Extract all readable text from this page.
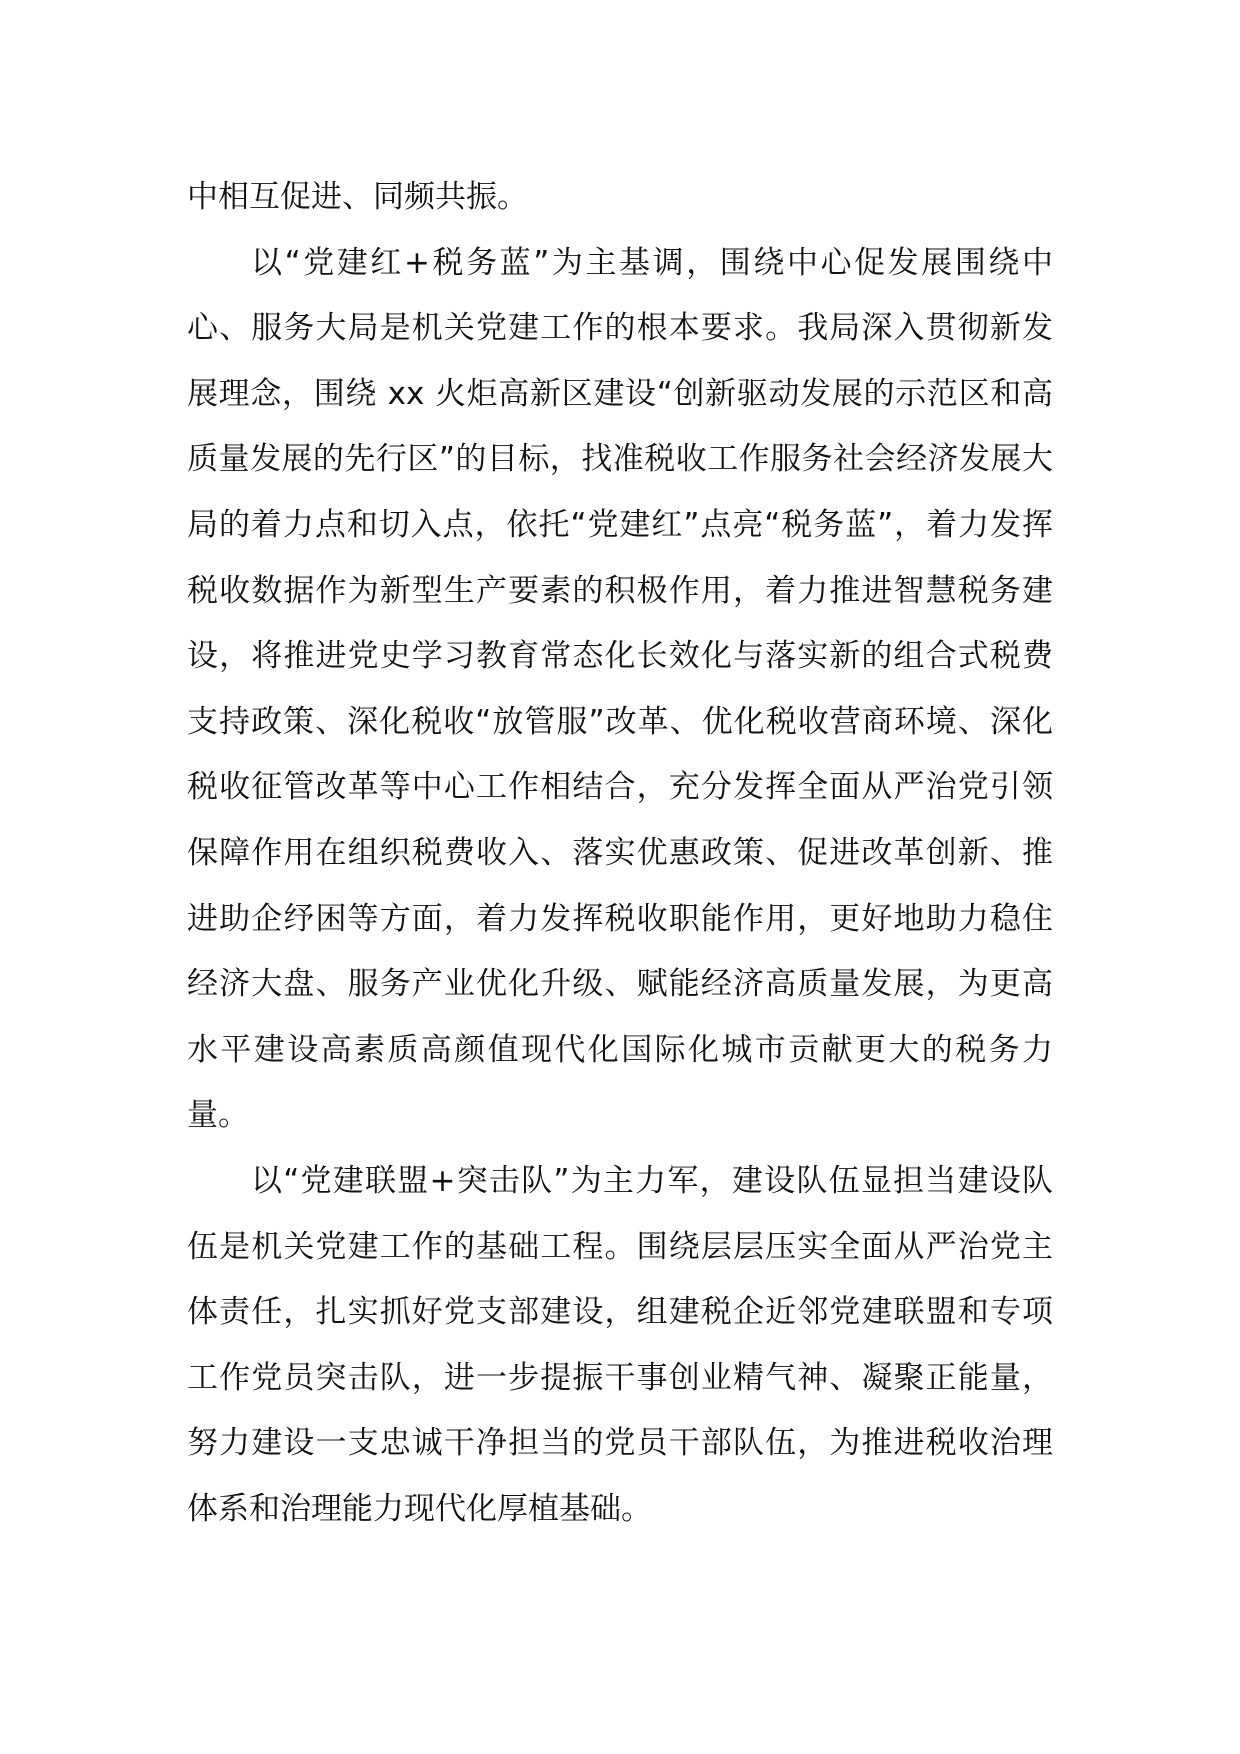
中相互促进、同频共振。

以“党建红+税务蓝”为主基调，围绕中心促发展围绕中心、服务大局是机关党建工作的根本要求。我局深入贯彻新发展理念，围绕 xx 火炬高新区建设“创新驱动发展的示范区和高质量发展的先行区”的目标，找准税收工作服务社会经济发展大局的着力点和切入点，依托“党建红”点亮“税务蓝”，着力发挥税收数据作为新型生产要素的积极作用，着力推进智慧税务建设，将推进党史学习教育常态化长效化与落实新的组合式税费支持政策、深化税收“放管服”改革、优化税收营商环境、深化税收征管改革等中心工作相结合，充分发挥全面从严治党引领保障作用在组织税费收入、落实优惠政策、促进改革创新、推进助企纾困等方面，着力发挥税收职能作用，更好地助力稳住经济大盘、服务产业优化升级、赋能经济高质量发展，为更高水平建设高素质高颜值现代化国际化城市贡献更大的税务力量。

以“党建联盟+突击队”为主力军，建设队伍显担当建设队伍是机关党建工作的基础工程。围绕层层压实全面从严治党主体责任，扎实抓好党支部建设，组建税企近邻党建联盟和专项工作党员突击队，进一步提振干事创业精气神、凝聚正能量，努力建设一支忠诚干净担当的党员干部队伍，为推进税收治理体系和治理能力现代化厚植基础。
